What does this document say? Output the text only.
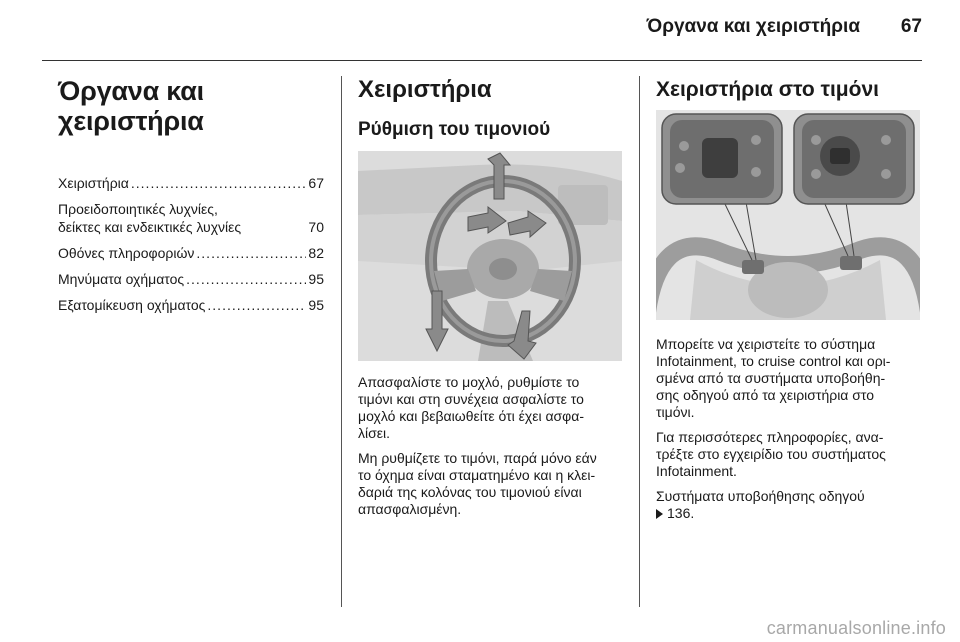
Όργανα και χειριστήρια	67
Όργανα και
χειριστήρια
Χειριστήρια .....	67
Προειδοποιητικές λυχνίες,
δείκτες και ενδεικτικές λυχνίες	70
Οθόνες πληροφοριών .....	82
Μηνύματα οχήματος .....	95
Εξατομίκευση οχήματος .....	95
Χειριστήρια
Ρύθμιση του τιμονιού

Απασφαλίστε το μοχλό, ρυθμίστε το
τιμόνι και στη συνέχεια ασφαλίστε το
μοχλό και βεβαιωθείτε ότι έχει ασφα-
λίσει.

Μη ρυθμίζετε το τιμόνι, παρά μόνο εάν
το όχημα είναι σταματημένο και η κλει-
δαριά της κολόνας του τιμονιού είναι
απασφαλισμένη.

Χειριστήρια στο τιμόνι

Μπορείτε να χειριστείτε το σύστημα
Infotainment, το cruise control και ορι-
σμένα από τα συστήματα υποβοήθη-
σης οδηγού από τα χειριστήρια στο
τιμόνι.

Για περισσότερες πληροφορίες, ανα-
τρέξτε στο εγχειρίδιο του συστήματος
Infotainment.

Συστήματα υποβοήθησης οδηγού
136.

carmanualsonline.info
